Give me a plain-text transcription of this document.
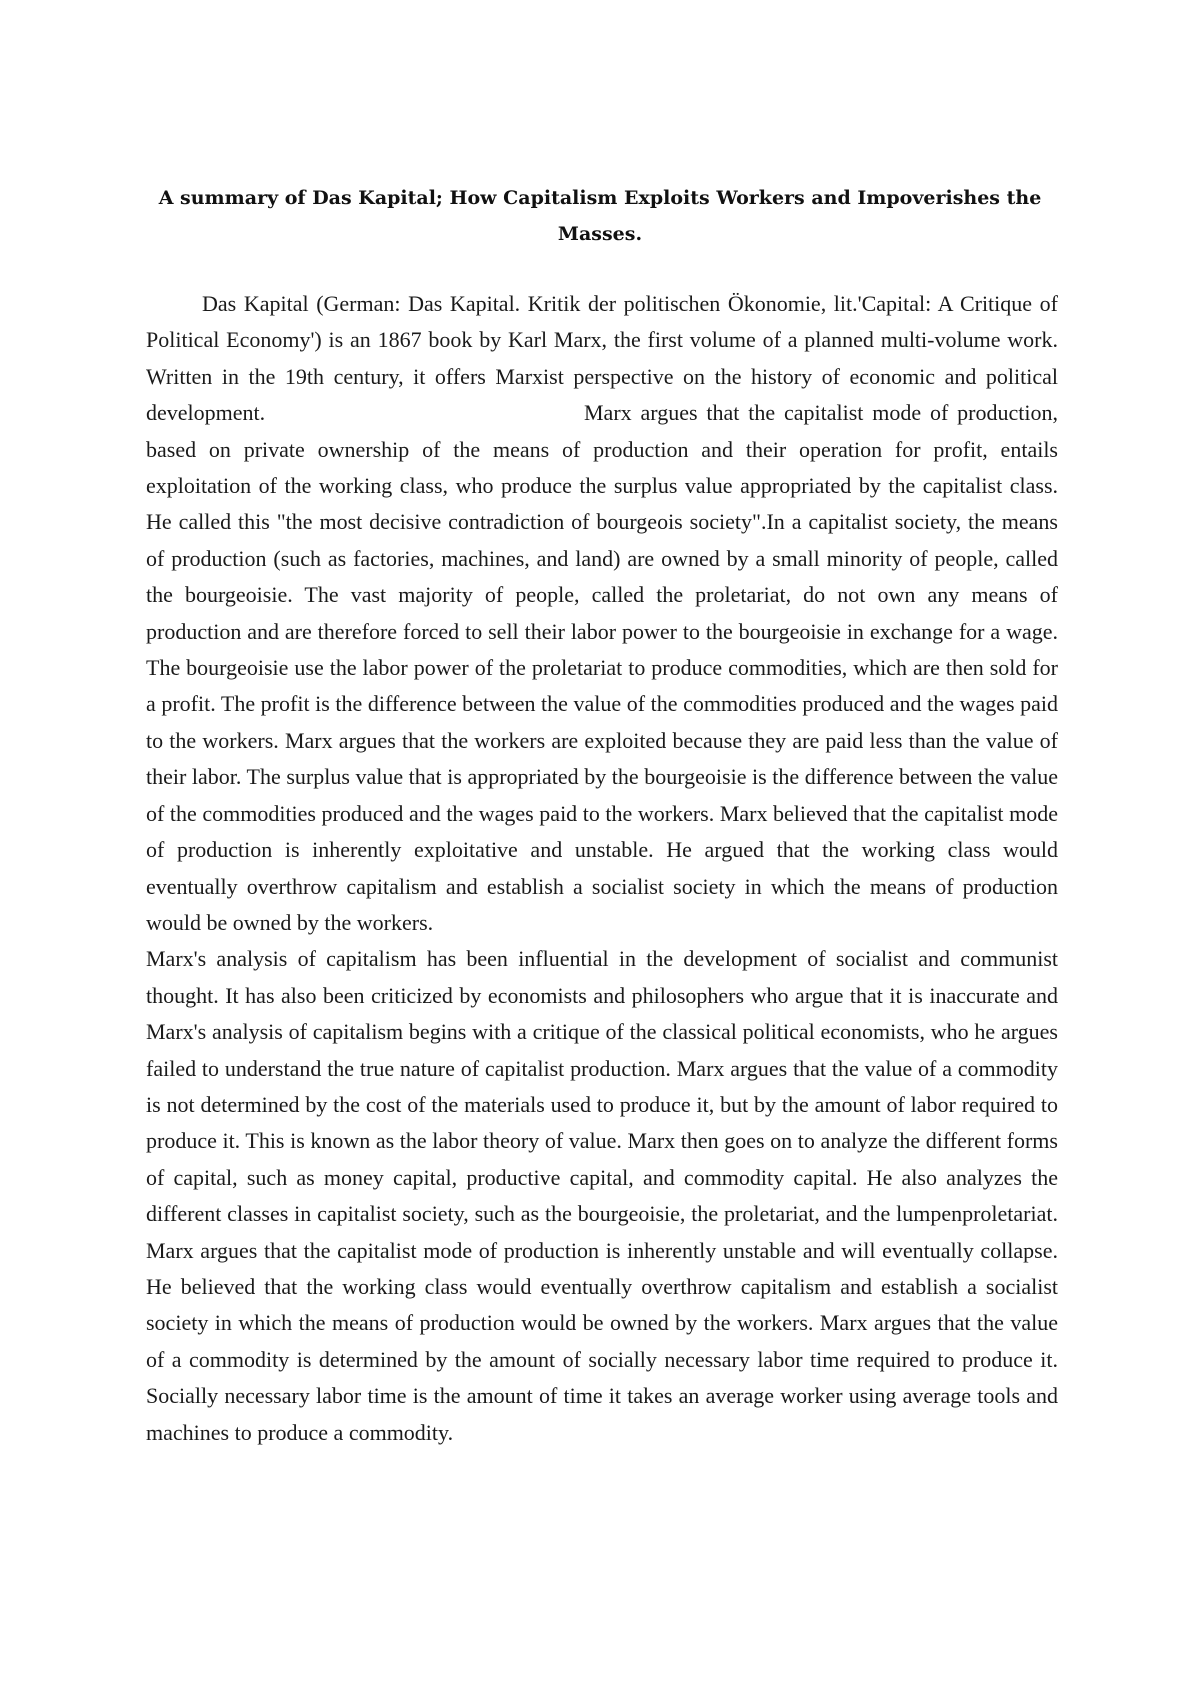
A summary of Das Kapital; How Capitalism Exploits Workers and Impoverishes the Masses.

Das Kapital (German: Das Kapital. Kritik der politischen Ökonomie, lit.'Capital: A Critique of Political Economy') is an 1867 book by Karl Marx, the first volume of a planned multi-volume work. Written in the 19th century, it offers Marxist perspective on the history of economic and political development.	Marx argues that the capitalist mode of production, based on private ownership of the means of production and their operation for profit, entails exploitation of the working class, who produce the surplus value appropriated by the capitalist class. He called this "the most decisive contradiction of bourgeois society".In a capitalist society, the means of production (such as factories, machines, and land) are owned by a small minority of people, called the bourgeoisie. The vast majority of people, called the proletariat, do not own any means of production and are therefore forced to sell their labor power to the bourgeoisie in exchange for a wage. The bourgeoisie use the labor power of the proletariat to produce commodities, which are then sold for a profit. The profit is the difference between the value of the commodities produced and the wages paid to the workers. Marx argues that the workers are exploited because they are paid less than the value of their labor. The surplus value that is appropriated by the bourgeoisie is the difference between the value of the commodities produced and the wages paid to the workers. Marx believed that the capitalist mode of production is inherently exploitative and unstable. He argued that the working class would eventually overthrow capitalism and establish a socialist society in which the means of production would be owned by the workers.

Marx's analysis of capitalism has been influential in the development of socialist and communist thought. It has also been criticized by economists and philosophers who argue that it is inaccurate and Marx's analysis of capitalism begins with a critique of the classical political economists, who he argues failed to understand the true nature of capitalist production. Marx argues that the value of a commodity is not determined by the cost of the materials used to produce it, but by the amount of labor required to produce it. This is known as the labor theory of value. Marx then goes on to analyze the different forms of capital, such as money capital, productive capital, and commodity capital. He also analyzes the different classes in capitalist society, such as the bourgeoisie, the proletariat, and the lumpenproletariat. Marx argues that the capitalist mode of production is inherently unstable and will eventually collapse. He believed that the working class would eventually overthrow capitalism and establish a socialist society in which the means of production would be owned by the workers. Marx argues that the value of a commodity is determined by the amount of socially necessary labor time required to produce it. Socially necessary labor time is the amount of time it takes an average worker using average tools and machines to produce a commodity.
